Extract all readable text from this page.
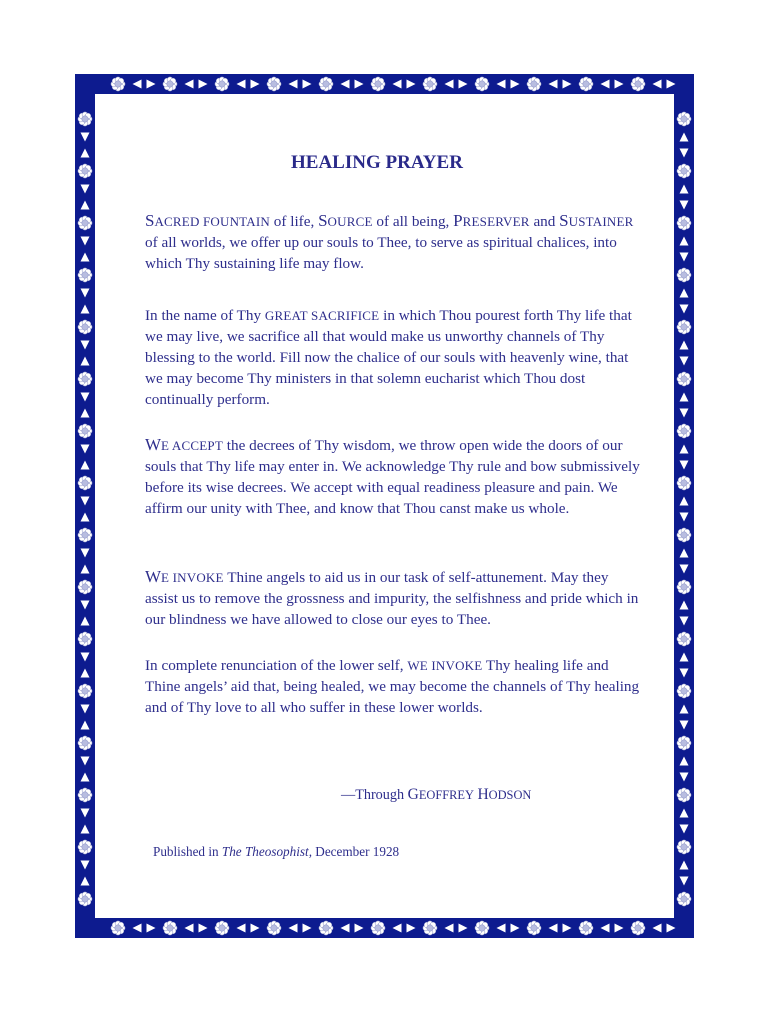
HEALING PRAYER

SACRED FOUNTAIN of life, SOURCE of all being, PRESERVER and SUSTAINER of all worlds, we offer up our souls to Thee, to serve as spiritual chalices, into which Thy sustaining life may flow.

In the name of Thy GREAT SACRIFICE in which Thou pourest forth Thy life that we may live, we sacrifice all that would make us unworthy channels of Thy blessing to the world. Fill now the chalice of our souls with heavenly wine, that we may become Thy ministers in that solemn eucharist which Thou dost continually perform.

WE ACCEPT the decrees of Thy wisdom, we throw open wide the doors of our souls that Thy life may enter in. We acknowledge Thy rule and bow submissively before its wise decrees. We accept with equal readiness pleasure and pain. We affirm our unity with Thee, and know that Thou canst make us whole.

WE INVOKE Thine angels to aid us in our task of self-attunement. May they assist us to remove the grossness and impurity, the selfishness and pride which in our blindness we have allowed to close our eyes to Thee.

In complete renunciation of the lower self, WE INVOKE Thy healing life and Thine angels’ aid that, being healed, we may become the channels of Thy healing and of Thy love to all who suffer in these lower worlds.

—Through GEOFFREY HODSON

Published in The Theosophist, December 1928
